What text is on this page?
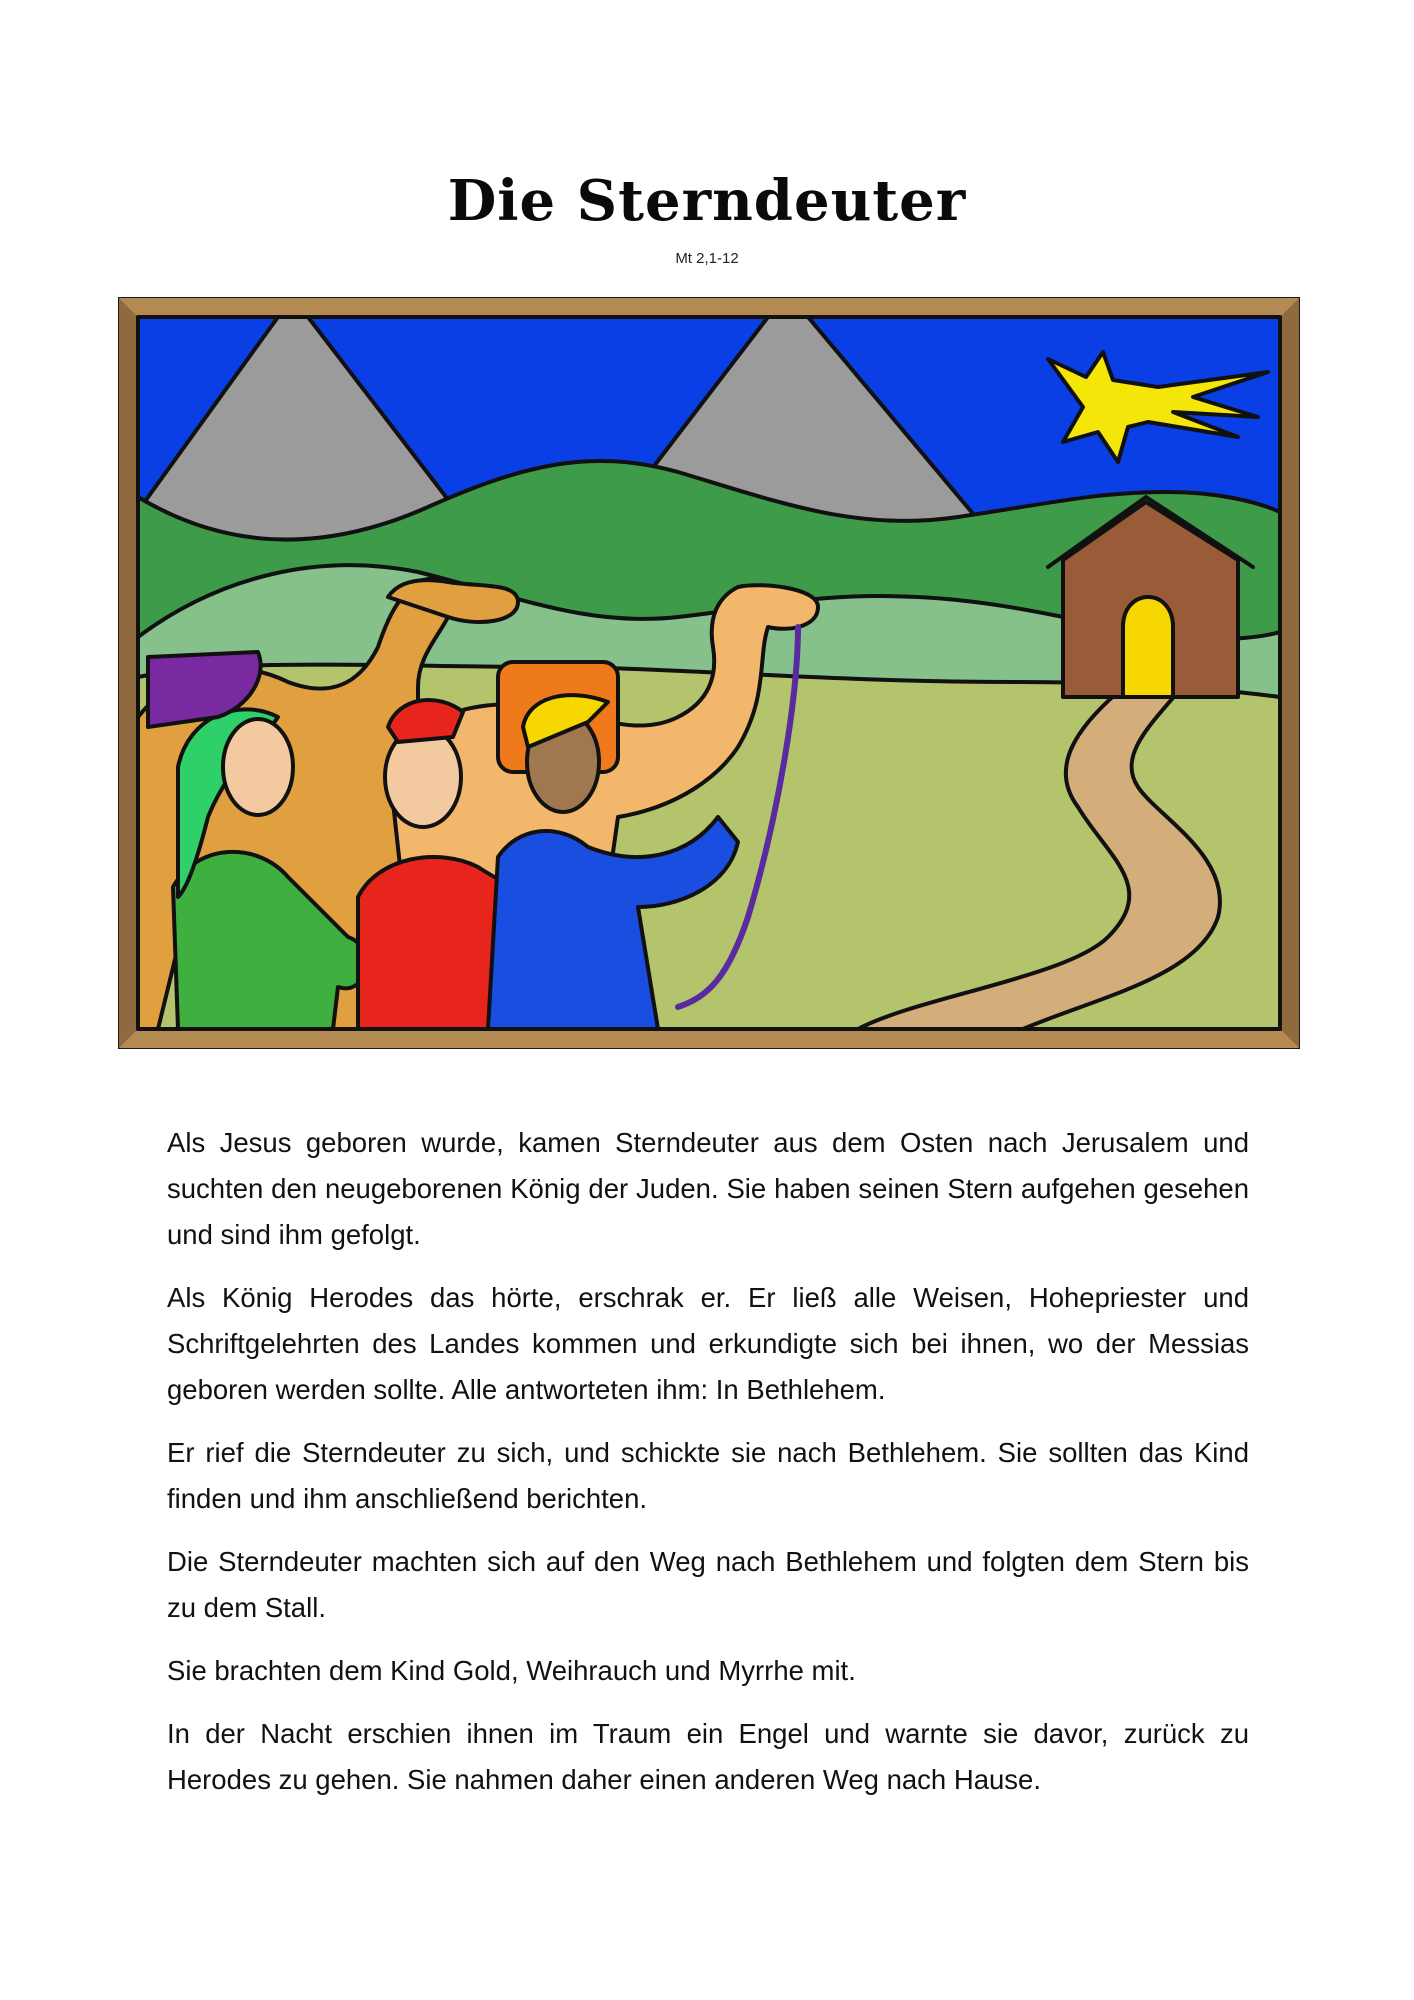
Die Sterndeuter
Mt 2,1-12

Als Jesus geboren wurde, kamen Sterndeuter aus dem Osten nach Jerusalem und suchten den neugeborenen König der Juden. Sie haben seinen Stern aufgehen gesehen und sind ihm gefolgt.

Als König Herodes das hörte, erschrak er. Er ließ alle Weisen, Hohepriester und Schriftgelehrten des Landes kommen und erkundigte sich bei ihnen, wo der Messias geboren werden sollte. Alle antworteten ihm: In Bethlehem.

Er rief die Sterndeuter zu sich, und schickte sie nach Bethlehem. Sie sollten das Kind finden und ihm anschließend berichten.

Die Sterndeuter machten sich auf den Weg nach Bethlehem und folgten dem Stern bis zu dem Stall.

Sie brachten dem Kind Gold, Weihrauch und Myrrhe mit.

In der Nacht erschien ihnen im Traum ein Engel und warnte sie davor, zurück zu Herodes zu gehen. Sie nahmen daher einen anderen Weg nach Hause.
